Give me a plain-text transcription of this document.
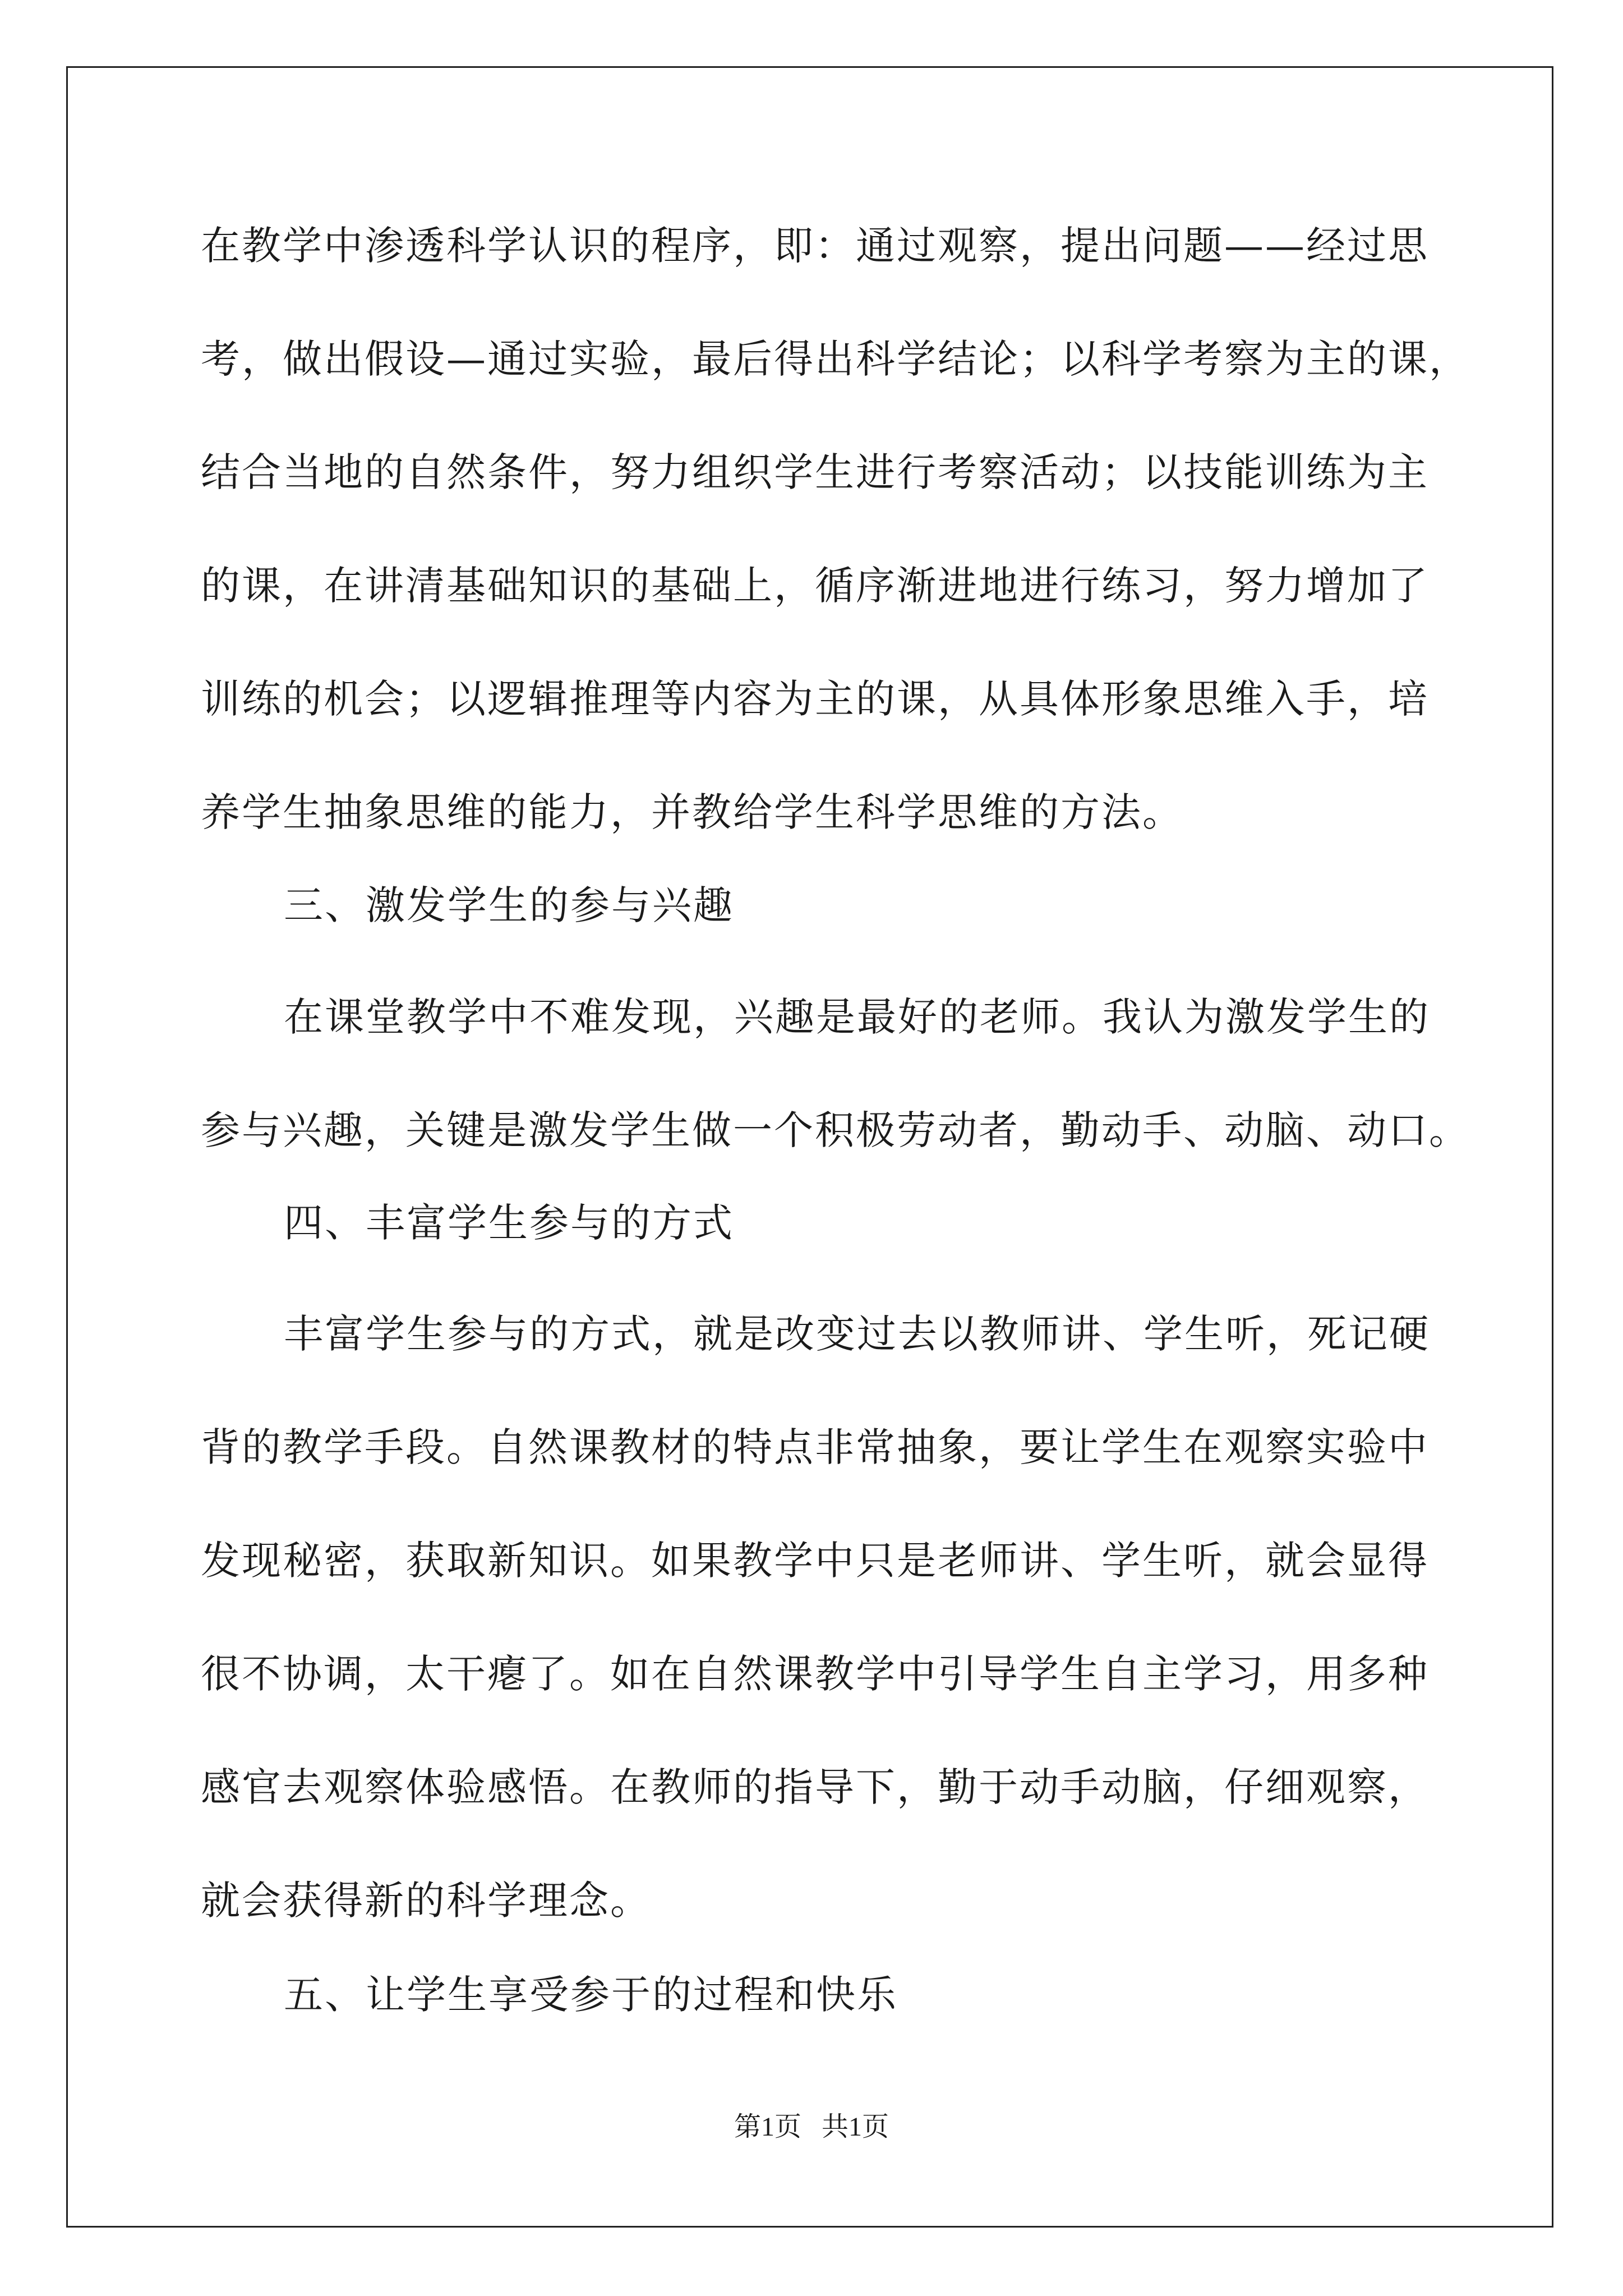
在教学中渗透科学认识的程序，即：通过观察，提出问题——经过思
考，做出假设—通过实验，最后得出科学结论；以科学考察为主的课，
结合当地的自然条件，努力组织学生进行考察活动；以技能训练为主
的课，在讲清基础知识的基础上，循序渐进地进行练习，努力增加了
训练的机会；以逻辑推理等内容为主的课，从具体形象思维入手，培
养学生抽象思维的能力，并教给学生科学思维的方法。
三、激发学生的参与兴趣
在课堂教学中不难发现，兴趣是最好的老师。我认为激发学生的
参与兴趣，关键是激发学生做一个积极劳动者，勤动手、动脑、动口。
四、丰富学生参与的方式
丰富学生参与的方式，就是改变过去以教师讲、学生听，死记硬
背的教学手段。自然课教材的特点非常抽象，要让学生在观察实验中
发现秘密，获取新知识。如果教学中只是老师讲、学生听，就会显得
很不协调，太干瘪了。如在自然课教学中引导学生自主学习，用多种
感官去观察体验感悟。在教师的指导下，勤于动手动脑，仔细观察，
就会获得新的科学理念。
五、让学生享受参于的过程和快乐
第1页   共1页
